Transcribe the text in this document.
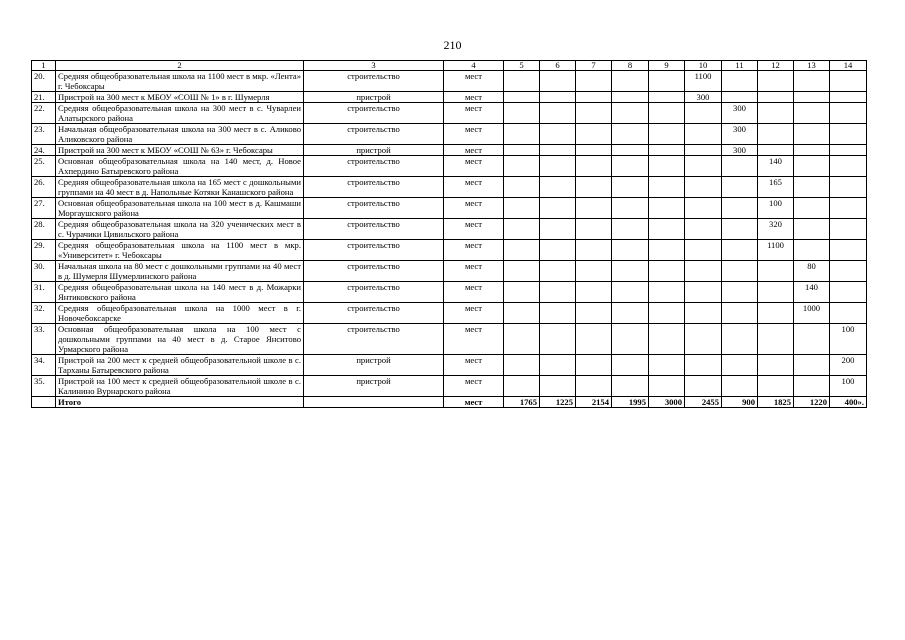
210
1	2	3	4	5	6	7	8	9	10	11	12	13	14
20.	Средняя общеобразовательная школа на 1100 мест в мкр. «Лента» г. Чебоксары	строительство	мест						1100				
21.	Пристрой на 300 мест к МБОУ «СОШ № 1» в г. Шумерля	пристрой	мест						300				
22.	Средняя общеобразовательная школа на 300 мест в с. Чуварлеи Алатырского района	строительство	мест							300			
23.	Начальная общеобразовательная школа на 300 мест в с. Аликово Аликовского района	строительство	мест							300			
24.	Пристрой на 300 мест к МБОУ «СОШ № 63» г. Чебоксары	пристрой	мест							300			
25.	Основная общеобразовательная школа на 140 мест, д. Новое Ахпердино Батыревского района	строительство	мест								140		
26.	Средняя общеобразовательная школа на 165 мест с дошкольными группами на 40 мест в д. Напольные Котяки Канашского района	строительство	мест								165		
27.	Основная общеобразовательная школа на 100 мест в д. Кашмаши Моргаушского района	строительство	мест								100		
28.	Средняя общеобразовательная школа на 320 ученических мест в с. Чурачики Цивильского района	строительство	мест								320		
29.	Средняя общеобразовательная школа на 1100 мест в мкр. «Университет» г. Чебоксары	строительство	мест								1100		
30.	Начальная школа на 80 мест с дошкольными группами на 40 мест в д. Шумерля Шумерлинского района	строительство	мест									80	
31.	Средняя общеобразовательная школа на 140 мест в д. Можарки Янтиковского района	строительство	мест									140	
32.	Средняя общеобразовательная школа на 1000 мест в г. Новочебоксарске	строительство	мест									1000	
33.	Основная общеобразовательная школа на 100 мест с дошкольными группами на 40 мест в д. Старое Янситово Урмарского района	строительство	мест										100
34.	Пристрой на 200 мест к средней общеобразовательной школе в с. Тарханы Батыревского района	пристрой	мест										200
35.	Пристрой на 100 мест к средней общеобразовательной школе в с. Калинино Вурнарского района	пристрой	мест										100
	Итого		мест	1765	1225	2154	1995	3000	2455	900	1825	1220	400».
